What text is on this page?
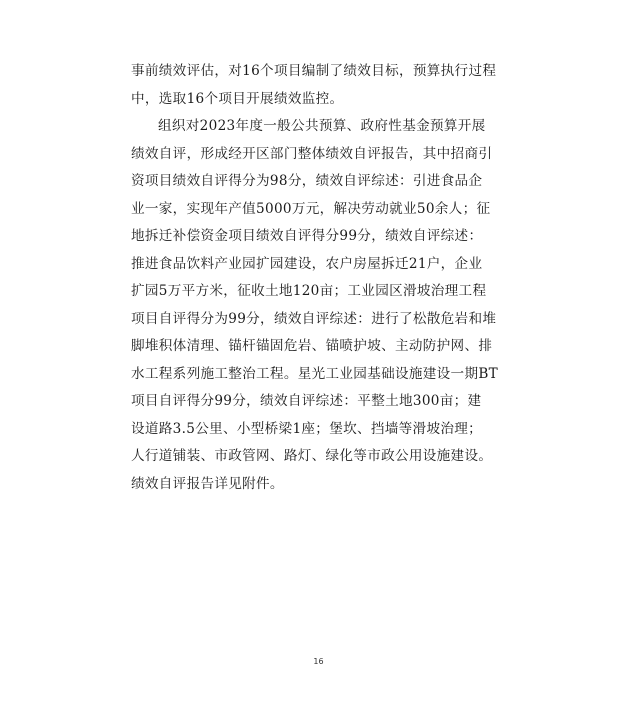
事前绩效评估，对16个项目编制了绩效目标，预算执行过程
中，选取16个项目开展绩效监控。
组织对2023年度一般公共预算、政府性基金预算开展
绩效自评，形成经开区部门整体绩效自评报告，其中招商引
资项目绩效自评得分为98分，绩效自评综述：引进食品企
业一家，实现年产值5000万元，解决劳动就业50余人；征
地拆迁补偿资金项目绩效自评得分99分，绩效自评综述：
推进食品饮料产业园扩园建设，农户房屋拆迁21户，企业
扩园5万平方米，征收土地120亩；工业园区滑坡治理工程
项目自评得分为99分，绩效自评综述：进行了松散危岩和堆
脚堆积体清理、锚杆锚固危岩、锚喷护坡、主动防护网、排
水工程系列施工整治工程。星光工业园基础设施建设一期BT
项目自评得分99分，绩效自评综述：平整土地300亩；建
设道路3.5公里、小型桥梁1座；堡坎、挡墙等滑坡治理；
人行道铺装、市政管网、路灯、绿化等市政公用设施建设。
绩效自评报告详见附件。
16
